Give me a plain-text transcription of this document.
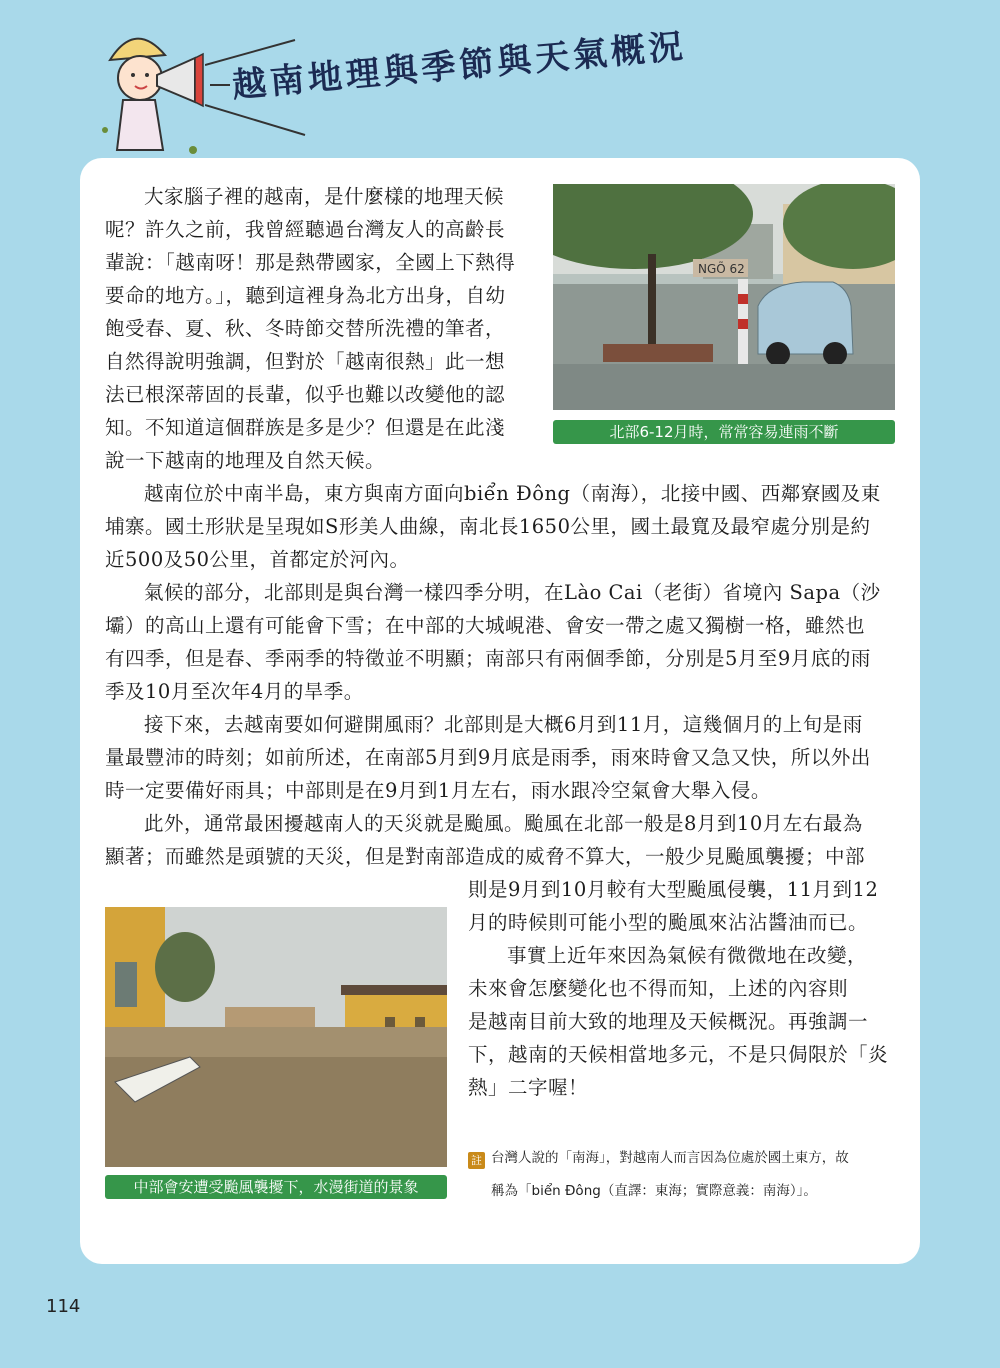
越南地理與季節與天氣概況
大家腦子裡的越南，是什麼樣的地理天候
呢？許久之前，我曾經聽過台灣友人的高齡長
輩說：「越南呀！那是熱帶國家，全國上下熱得
要命的地方。」，聽到這裡身為北方出身，自幼
飽受春、夏、秋、冬時節交替所洗禮的筆者，
自然得說明強調，但對於「越南很熱」此一想
法已根深蒂固的長輩，似乎也難以改變他的認
知。不知道這個群族是多是少？但還是在此淺
說一下越南的地理及自然天候。
NGÕ 62
北部6-12月時，常常容易連雨不斷
越南位於中南半島，東方與南方面向biển Đông（南海），北接中國、西鄰寮國及東
埔寨。國土形狀是呈現如S形美人曲線，南北長1650公里，國土最寬及最窄處分別是約
近500及50公里，首都定於河內。
氣候的部分，北部則是與台灣一樣四季分明，在Lào Cai（老街）省境內 Sapa（沙
壩）的高山上還有可能會下雪；在中部的大城峴港、會安一帶之處又獨樹一格，雖然也
有四季，但是春、季兩季的特徵並不明顯；南部只有兩個季節，分別是5月至9月底的雨
季及10月至次年4月的旱季。
接下來，去越南要如何避開風雨？北部則是大概6月到11月，這幾個月的上旬是雨
量最豐沛的時刻；如前所述，在南部5月到9月底是雨季，雨來時會又急又快，所以外出
時一定要備好雨具；中部則是在9月到1月左右，雨水跟冷空氣會大舉入侵。
此外，通常最困擾越南人的天災就是颱風。颱風在北部一般是8月到10月左右最為
顯著；而雖然是頭號的天災，但是對南部造成的威脅不算大，一般少見颱風襲擾；中部
則是9月到10月較有大型颱風侵襲，11月到12
月的時候則可能小型的颱風來沾沾醬油而已。
事實上近年來因為氣候有微微地在改變，
未來會怎麼變化也不得而知，上述的內容則
是越南目前大致的地理及天候概況。再強調一
下，越南的天候相當地多元，不是只侷限於「炎
熱」二字喔！
中部會安遭受颱風襲擾下，水漫街道的景象
註 台灣人說的「南海」，對越南人而言因為位處於國土東方，故
稱為「biển Đông（直譯：東海；實際意義：南海）」。
114
